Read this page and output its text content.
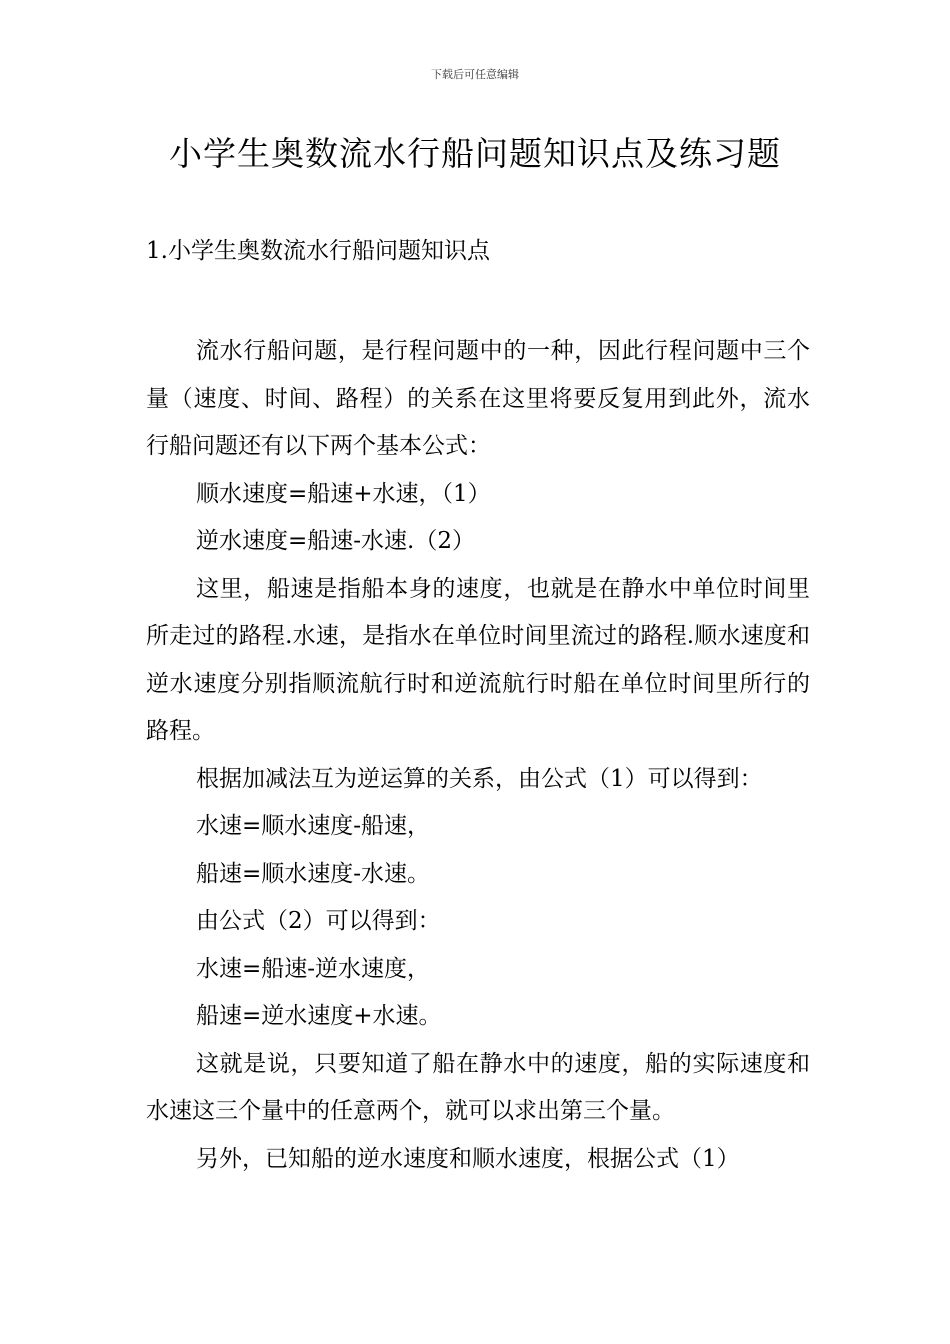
下载后可任意编辑
小学生奥数流水行船问题知识点及练习题
1.小学生奥数流水行船问题知识点

流水行船问题，是行程问题中的一种，因此行程问题中三个量（速度、时间、路程）的关系在这里将要反复用到此外，流水行船问题还有以下两个基本公式：

顺水速度=船速+水速，（1）

逆水速度=船速-水速.（2）

这里，船速是指船本身的速度，也就是在静水中单位时间里所走过的路程.水速，是指水在单位时间里流过的路程.顺水速度和逆水速度分别指顺流航行时和逆流航行时船在单位时间里所行的路程。

根据加减法互为逆运算的关系，由公式（1）可以得到：

水速=顺水速度-船速，

船速=顺水速度-水速。

由公式（2）可以得到：

水速=船速-逆水速度，

船速=逆水速度+水速。

这就是说，只要知道了船在静水中的速度，船的实际速度和水速这三个量中的任意两个，就可以求出第三个量。

另外，已知船的逆水速度和顺水速度，根据公式（1）
